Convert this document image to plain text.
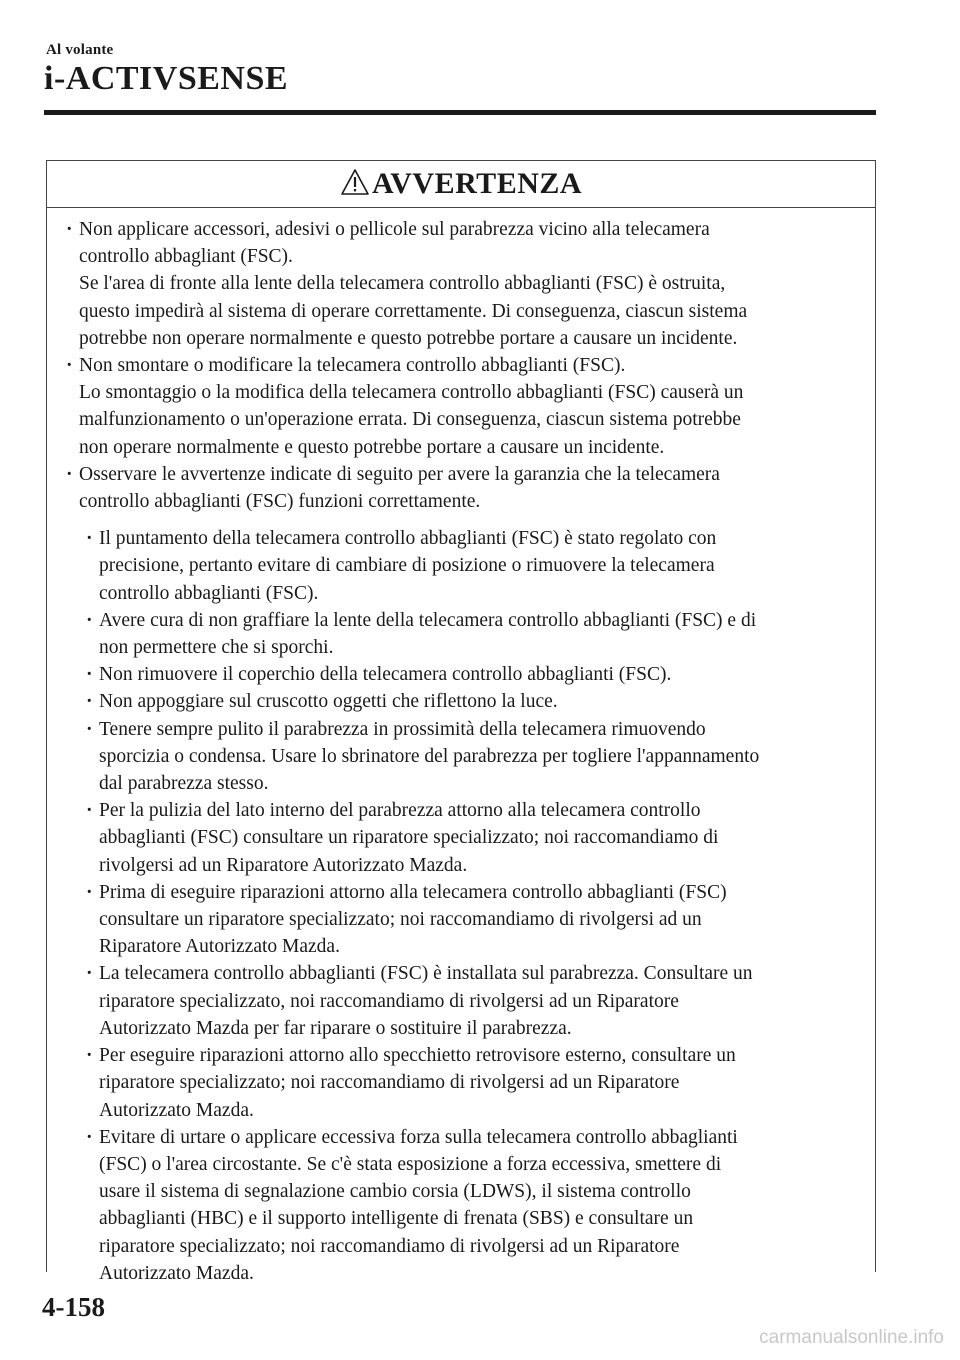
Al volante
i-ACTIVSENSE
AVVERTENZA
· Non applicare accessori, adesivi o pellicole sul parabrezza vicino alla telecamera
controllo abbagliant (FSC).
Se l'area di fronte alla lente della telecamera controllo abbaglianti (FSC) è ostruita,
questo impedirà al sistema di operare correttamente. Di conseguenza, ciascun sistema
potrebbe non operare normalmente e questo potrebbe portare a causare un incidente.
· Non smontare o modificare la telecamera controllo abbaglianti (FSC).
Lo smontaggio o la modifica della telecamera controllo abbaglianti (FSC) causerà un
malfunzionamento o un'operazione errata. Di conseguenza, ciascun sistema potrebbe
non operare normalmente e questo potrebbe portare a causare un incidente.
· Osservare le avvertenze indicate di seguito per avere la garanzia che la telecamera
controllo abbaglianti (FSC) funzioni correttamente.
· Il puntamento della telecamera controllo abbaglianti (FSC) è stato regolato con
precisione, pertanto evitare di cambiare di posizione o rimuovere la telecamera
controllo abbaglianti (FSC).
· Avere cura di non graffiare la lente della telecamera controllo abbaglianti (FSC) e di
non permettere che si sporchi.
· Non rimuovere il coperchio della telecamera controllo abbaglianti (FSC).
· Non appoggiare sul cruscotto oggetti che riflettono la luce.
· Tenere sempre pulito il parabrezza in prossimità della telecamera rimuovendo
sporcizia o condensa. Usare lo sbrinatore del parabrezza per togliere l'appannamento
dal parabrezza stesso.
· Per la pulizia del lato interno del parabrezza attorno alla telecamera controllo
abbaglianti (FSC) consultare un riparatore specializzato; noi raccomandiamo di
rivolgersi ad un Riparatore Autorizzato Mazda.
· Prima di eseguire riparazioni attorno alla telecamera controllo abbaglianti (FSC)
consultare un riparatore specializzato; noi raccomandiamo di rivolgersi ad un
Riparatore Autorizzato Mazda.
· La telecamera controllo abbaglianti (FSC) è installata sul parabrezza. Consultare un
riparatore specializzato, noi raccomandiamo di rivolgersi ad un Riparatore
Autorizzato Mazda per far riparare o sostituire il parabrezza.
· Per eseguire riparazioni attorno allo specchietto retrovisore esterno, consultare un
riparatore specializzato; noi raccomandiamo di rivolgersi ad un Riparatore
Autorizzato Mazda.
· Evitare di urtare o applicare eccessiva forza sulla telecamera controllo abbaglianti
(FSC) o l'area circostante. Se c'è stata esposizione a forza eccessiva, smettere di
usare il sistema di segnalazione cambio corsia (LDWS), il sistema controllo
abbaglianti (HBC) e il supporto intelligente di frenata (SBS) e consultare un
riparatore specializzato; noi raccomandiamo di rivolgersi ad un Riparatore
Autorizzato Mazda.
4-158
carmanualsonline.info
